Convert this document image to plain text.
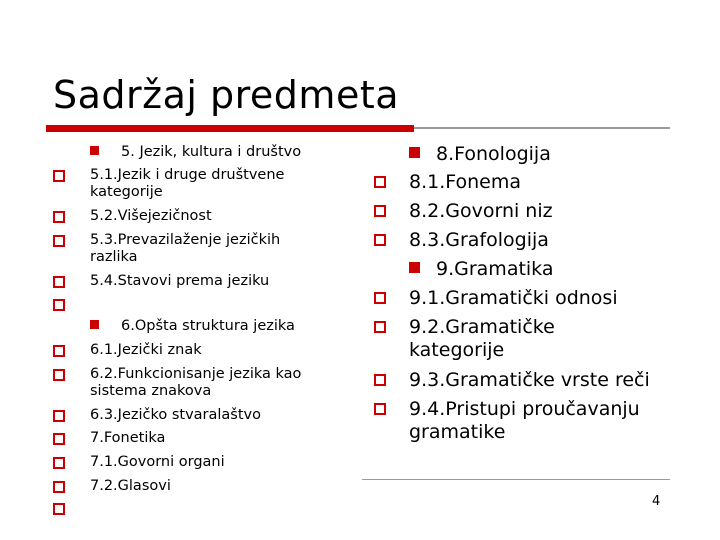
Sadržaj predmeta
5. Jezik, kultura i društvo
5.1.Jezik i druge društvene
kategorije
5.2.Višejezičnost
5.3.Prevazilaženje jezičkih
razlika
5.4.Stavovi prema jeziku
6.Opšta struktura jezika
6.1.Jezički znak
6.2.Funkcionisanje jezika kao
sistema znakova
6.3.Jezičko stvaralaštvo
7.Fonetika
7.1.Govorni organi
7.2.Glasovi
8.Fonologija
8.1.Fonema
8.2.Govorni niz
8.3.Grafologija
9.Gramatika
9.1.Gramatički odnosi
9.2.Gramatičke
kategorije
9.3.Gramatičke vrste reči
9.4.Pristupi proučavanju
gramatike
4
